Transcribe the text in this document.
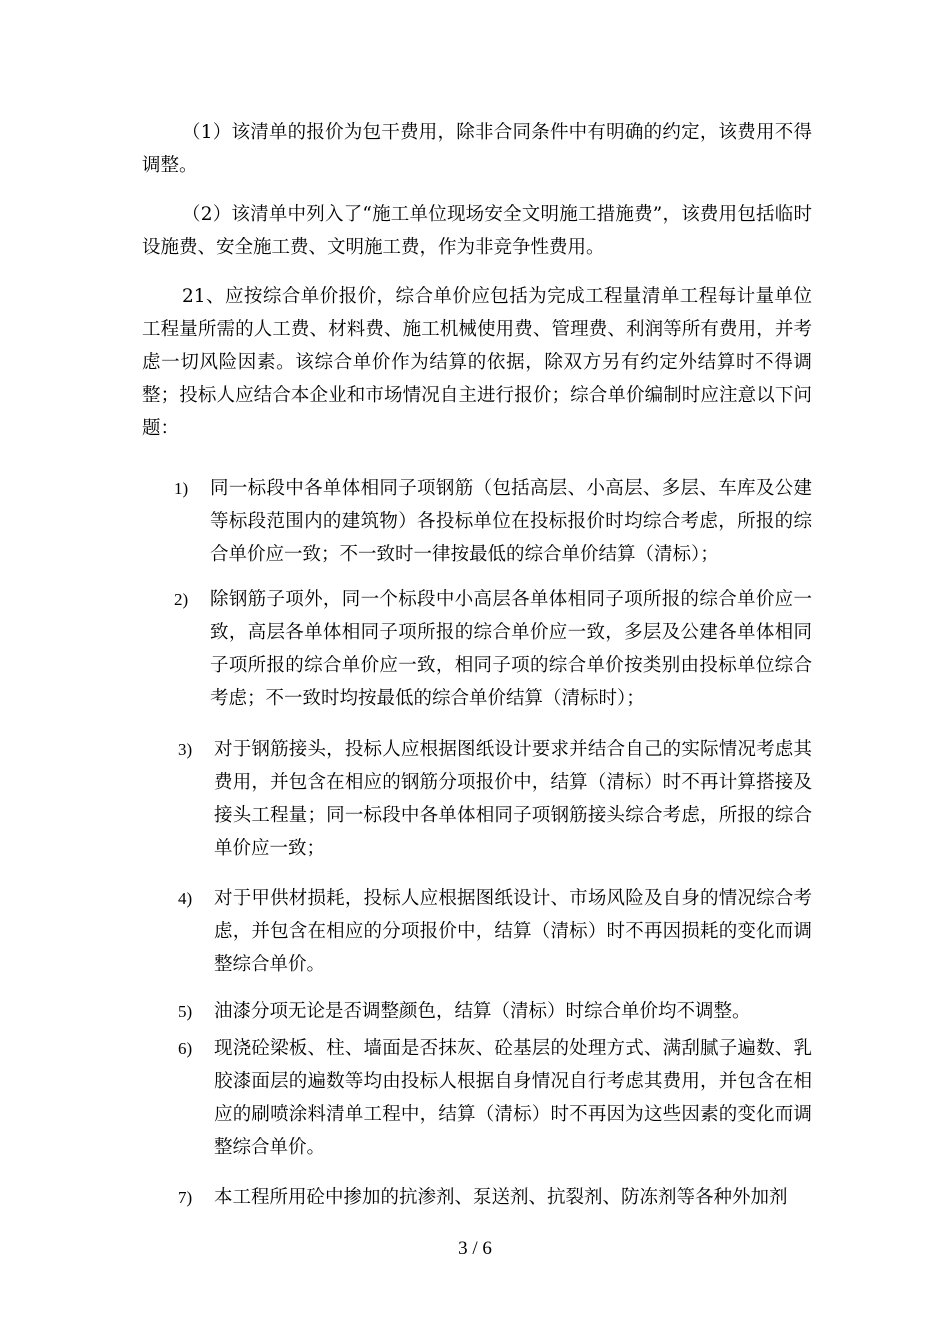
（1）该清单的报价为包干费用，除非合同条件中有明确的约定，该费用不得调整。

（2）该清单中列入了“施工单位现场安全文明施工措施费”，该费用包括临时设施费、安全施工费、文明施工费，作为非竞争性费用。

21、应按综合单价报价，综合单价应包括为完成工程量清单工程每计量单位工程量所需的人工费、材料费、施工机械使用费、管理费、利润等所有费用，并考虑一切风险因素。该综合单价作为结算的依据，除双方另有约定外结算时不得调整；投标人应结合本企业和市场情况自主进行报价；综合单价编制时应注意以下问题：

1)	同一标段中各单体相同子项钢筋（包括高层、小高层、多层、车库及公建等标段范围内的建筑物）各投标单位在投标报价时均综合考虑，所报的综合单价应一致；不一致时一律按最低的综合单价结算（清标）；
2)	除钢筋子项外，同一个标段中小高层各单体相同子项所报的综合单价应一致，高层各单体相同子项所报的综合单价应一致，多层及公建各单体相同子项所报的综合单价应一致，相同子项的综合单价按类别由投标单位综合考虑；不一致时均按最低的综合单价结算（清标时）；
3)	对于钢筋接头，投标人应根据图纸设计要求并结合自己的实际情况考虑其费用，并包含在相应的钢筋分项报价中，结算（清标）时不再计算搭接及接头工程量；同一标段中各单体相同子项钢筋接头综合考虑，所报的综合单价应一致；
4)	对于甲供材损耗，投标人应根据图纸设计、市场风险及自身的情况综合考虑，并包含在相应的分项报价中，结算（清标）时不再因损耗的变化而调整综合单价。
5)	油漆分项无论是否调整颜色，结算（清标）时综合单价均不调整。
6)	现浇砼梁板、柱、墙面是否抹灰、砼基层的处理方式、满刮腻子遍数、乳胶漆面层的遍数等均由投标人根据自身情况自行考虑其费用，并包含在相应的刷喷涂料清单工程中，结算（清标）时不再因为这些因素的变化而调整综合单价。
7)	本工程所用砼中掺加的抗渗剂、泵送剂、抗裂剂、防冻剂等各种外加剂
3 / 6
